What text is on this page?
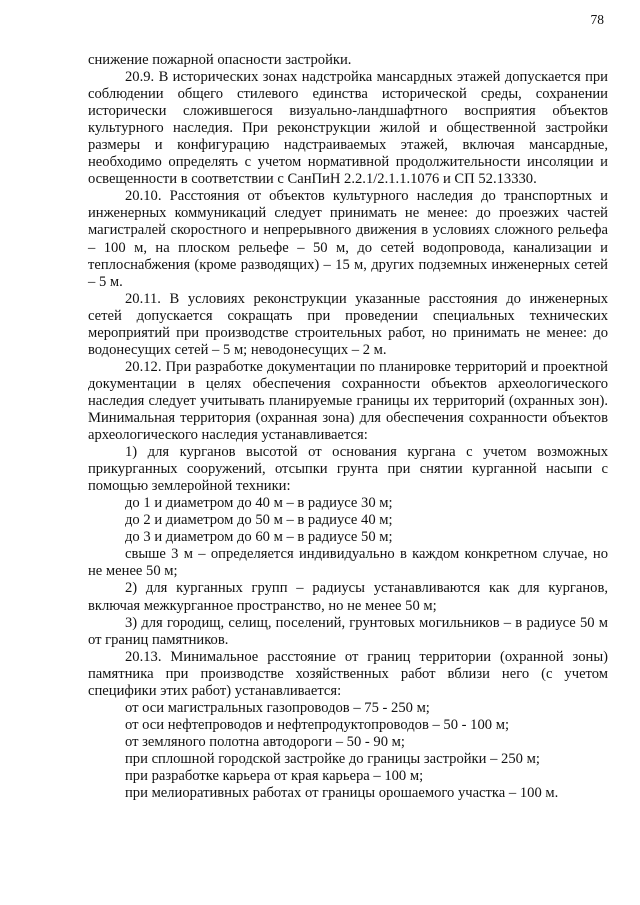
78

снижение пожарной опасности застройки.

20.9. В исторических зонах надстройка мансардных этажей допускается при соблюдении общего стилевого единства исторической среды, сохранении исторически сложившегося визуально-ландшафтного восприятия объектов культурного наследия. При реконструкции жилой и общественной застройки размеры и конфигурацию надстраиваемых этажей, включая мансардные, необходимо определять с учетом нормативной продолжительности инсоляции и освещенности в соответствии с СанПиН 2.2.1/2.1.1.1076 и СП 52.13330.

20.10. Расстояния от объектов культурного наследия до транспортных и инженерных коммуникаций следует принимать не менее: до проезжих частей магистралей скоростного и непрерывного движения в условиях сложного рельефа – 100 м, на плоском рельефе – 50 м, до сетей водопровода, канализации и теплоснабжения (кроме разводящих) – 15 м, других подземных инженерных сетей – 5 м.

20.11. В условиях реконструкции указанные расстояния до инженерных сетей допускается сокращать при проведении специальных технических мероприятий при производстве строительных работ, но принимать не менее: до водонесущих сетей – 5 м; неводонесущих – 2 м.

20.12. При разработке документации по планировке территорий и проектной документации в целях обеспечения сохранности объектов археологического наследия следует учитывать планируемые границы их территорий (охранных зон). Минимальная территория (охранная зона) для обеспечения сохранности объектов археологического наследия устанавливается:

1) для курганов высотой от основания кургана с учетом возможных прикурганных сооружений, отсыпки грунта при снятии курганной насыпи с помощью землеройной техники:

до 1 и диаметром до 40 м – в радиусе 30 м;

до 2 и диаметром до 50 м – в радиусе 40 м;

до 3 и диаметром до 60 м – в радиусе 50 м;

свыше 3 м – определяется индивидуально в каждом конкретном случае, но не менее 50 м;

2) для курганных групп – радиусы устанавливаются как для курганов, включая межкурганное пространство, но не менее 50 м;

3) для городищ, селищ, поселений, грунтовых могильников – в радиусе 50 м от границ памятников.

20.13. Минимальное расстояние от границ территории (охранной зоны) памятника при производстве хозяйственных работ вблизи него (с учетом специфики этих работ) устанавливается:

от оси магистральных газопроводов – 75 - 250 м;

от оси нефтепроводов и нефтепродуктопроводов – 50 - 100 м;

от земляного полотна автодороги – 50 - 90 м;

при сплошной городской застройке до границы застройки – 250 м;

при разработке карьера от края карьера – 100 м;

при мелиоративных работах от границы орошаемого участка – 100 м.
